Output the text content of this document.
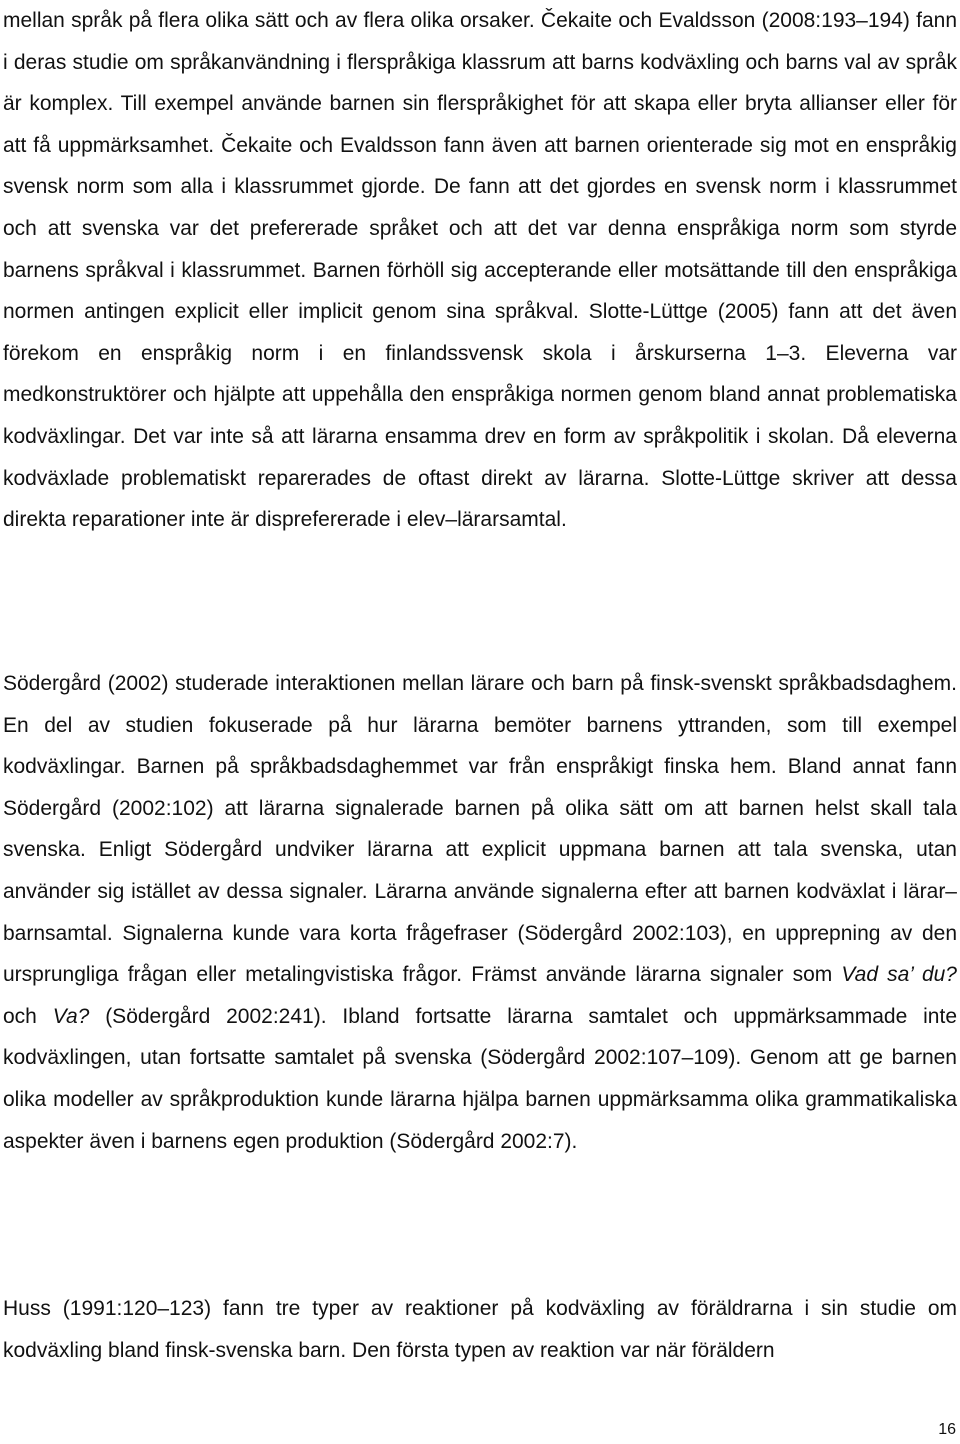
mellan språk på flera olika sätt och av flera olika orsaker. Čekaite och Evaldsson (2008:193–194) fann i deras studie om språkanvändning i flerspråkiga klassrum att barns kodväxling och barns val av språk är komplex. Till exempel använde barnen sin flerspråkighet för att skapa eller bryta allianser eller för att få uppmärksamhet. Čekaite och Evaldsson fann även att barnen orienterade sig mot en enspråkig svensk norm som alla i klassrummet gjorde. De fann att det gjordes en svensk norm i klassrummet och att svenska var det prefererade språket och att det var denna enspråkiga norm som styrde barnens språkval i klassrummet. Barnen förhöll sig accepterande eller motsättande till den enspråkiga normen antingen explicit eller implicit genom sina språkval. Slotte-Lüttge (2005) fann att det även förekom en enspråkig norm i en finlandssvensk skola i årskurserna 1–3. Eleverna var medkonstruktörer och hjälpte att uppehålla den enspråkiga normen genom bland annat problematiska kodväxlingar. Det var inte så att lärarna ensamma drev en form av språkpolitik i skolan. Då eleverna kodväxlade problematiskt reparerades de oftast direkt av lärarna. Slotte-Lüttge skriver att dessa direkta reparationer inte är disprefererade i elev–lärarsamtal.

Södergård (2002) studerade interaktionen mellan lärare och barn på finsk-svenskt språkbadsdaghem. En del av studien fokuserade på hur lärarna bemöter barnens yttranden, som till exempel kodväxlingar. Barnen på språkbadsdaghemmet var från enspråkigt finska hem. Bland annat fann Södergård (2002:102) att lärarna signalerade barnen på olika sätt om att barnen helst skall tala svenska. Enligt Södergård undviker lärarna att explicit uppmana barnen att tala svenska, utan använder sig istället av dessa signaler. Lärarna använde signalerna efter att barnen kodväxlat i lärar–barnsamtal. Signalerna kunde vara korta frågefraser (Södergård 2002:103), en upprepning av den ursprungliga frågan eller metalingvistiska frågor. Främst använde lärarna signaler som Vad sa’ du? och Va? (Södergård 2002:241). Ibland fortsatte lärarna samtalet och uppmärksammade inte kodväxlingen, utan fortsatte samtalet på svenska (Södergård 2002:107–109). Genom att ge barnen olika modeller av språkproduktion kunde lärarna hjälpa barnen uppmärksamma olika grammatikaliska aspekter även i barnens egen produktion (Södergård 2002:7).

Huss (1991:120–123) fann tre typer av reaktioner på kodväxling av föräldrarna i sin studie om kodväxling bland finsk-svenska barn. Den första typen av reaktion var när föräldern

16
